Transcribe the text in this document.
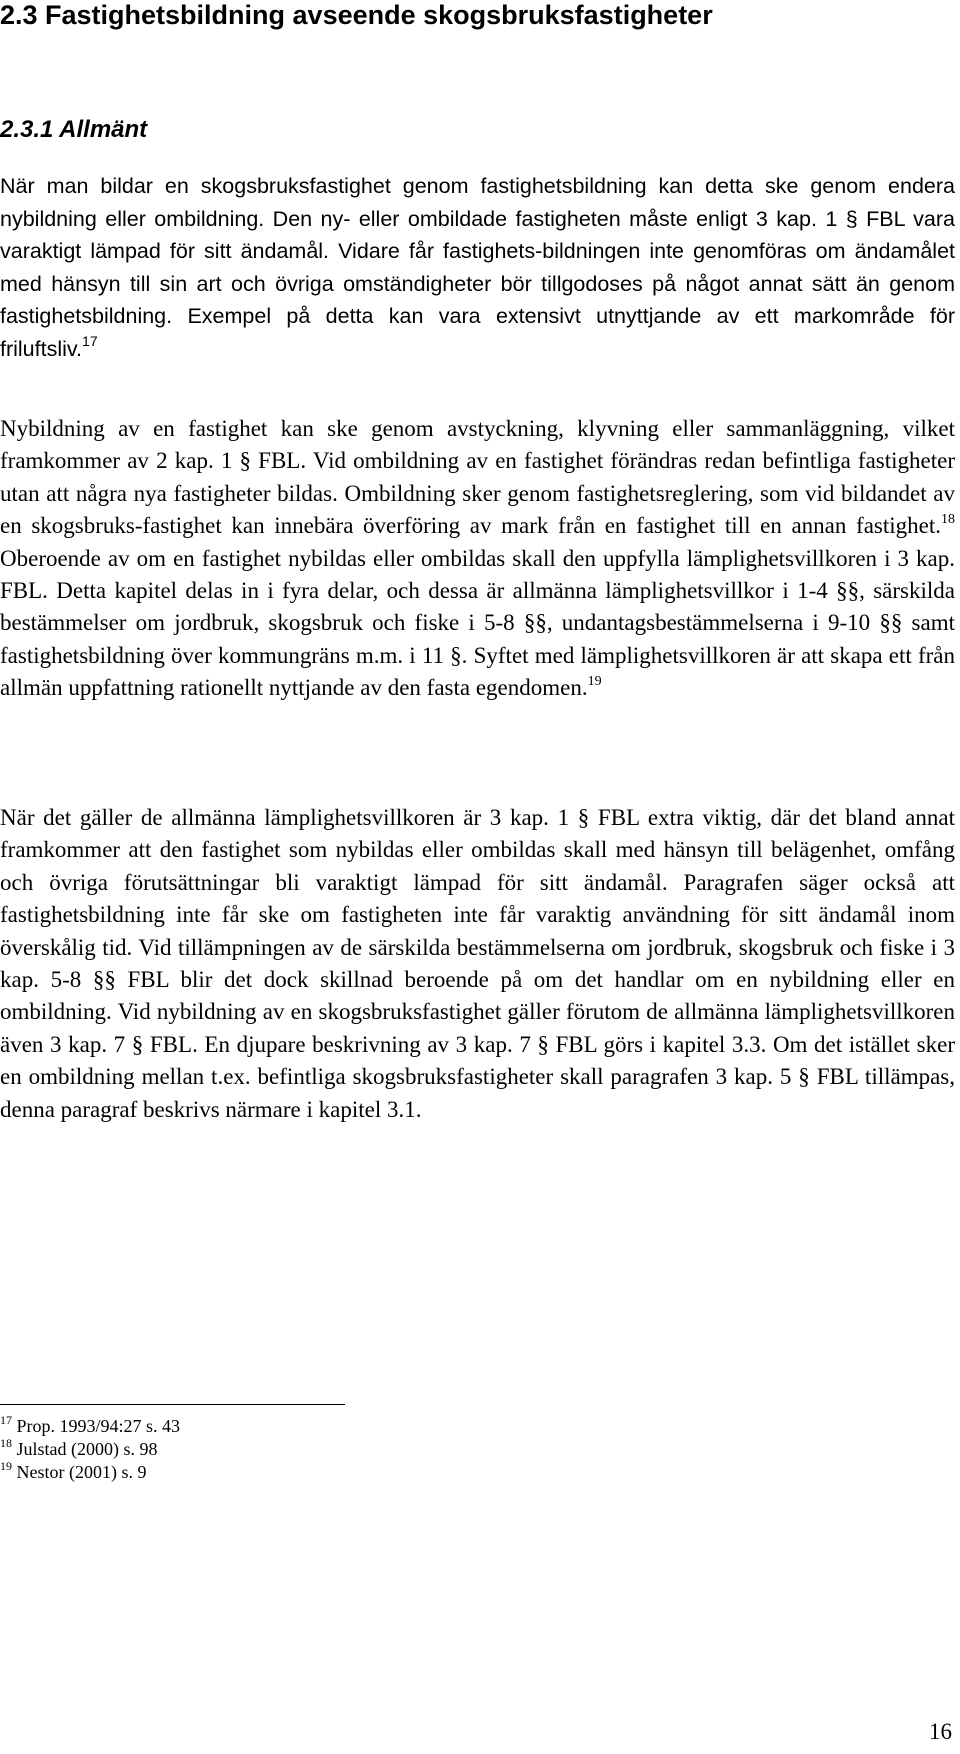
2.3 Fastighetsbildning avseende skogsbruksfastigheter
2.3.1 Allmänt

När man bildar en skogsbruksfastighet genom fastighetsbildning kan detta ske genom endera nybildning eller ombildning. Den ny- eller ombildade fastigheten måste enligt 3 kap. 1 § FBL vara varaktigt lämpad för sitt ändamål. Vidare får fastighets-bildningen inte genomföras om ändamålet med hänsyn till sin art och övriga omständigheter bör tillgodoses på något annat sätt än genom fastighetsbildning. Exempel på detta kan vara extensivt utnyttjande av ett markområde för friluftsliv.$^{17}$

Nybildning av en fastighet kan ske genom avstyckning, klyvning eller sammanläggning, vilket framkommer av 2 kap. 1 § FBL. Vid ombildning av en fastighet förändras redan befintliga fastigheter utan att några nya fastigheter bildas. Ombildning sker genom fastighetsreglering, som vid bildandet av en skogsbruks-fastighet kan innebära överföring av mark från en fastighet till en annan fastighet.$^{18}$ Oberoende av om en fastighet nybildas eller ombildas skall den uppfylla lämplighetsvillkoren i 3 kap. FBL. Detta kapitel delas in i fyra delar, och dessa är allmänna lämplighetsvillkor i 1-4 §§, särskilda bestämmelser om jordbruk, skogsbruk och fiske i 5-8 §§, undantagsbestämmelserna i 9-10 §§ samt fastighetsbildning över kommungräns m.m. i 11 §. Syftet med lämplighetsvillkoren är att skapa ett från allmän uppfattning rationellt nyttjande av den fasta egendomen.$^{19}$

När det gäller de allmänna lämplighetsvillkoren är 3 kap. 1 § FBL extra viktig, där det bland annat framkommer att den fastighet som nybildas eller ombildas skall med hänsyn till belägenhet, omfång och övriga förutsättningar bli varaktigt lämpad för sitt ändamål. Paragrafen säger också att fastighetsbildning inte får ske om fastigheten inte får varaktig användning för sitt ändamål inom överskålig tid. Vid tillämpningen av de särskilda bestämmelserna om jordbruk, skogsbruk och fiske i 3 kap. 5-8 §§ FBL blir det dock skillnad beroende på om det handlar om en nybildning eller en ombildning. Vid nybildning av en skogsbruksfastighet gäller förutom de allmänna lämplighetsvillkoren även 3 kap. 7 § FBL. En djupare beskrivning av 3 kap. 7 § FBL görs i kapitel 3.3. Om det istället sker en ombildning mellan t.ex. befintliga skogsbruksfastigheter skall paragrafen 3 kap. 5 § FBL tillämpas, denna paragraf beskrivs närmare i kapitel 3.1.

$^{17}$ Prop. 1993/94:27 s. 43
$^{18}$ Julstad (2000) s. 98
$^{19}$ Nestor (2001) s. 9
16
